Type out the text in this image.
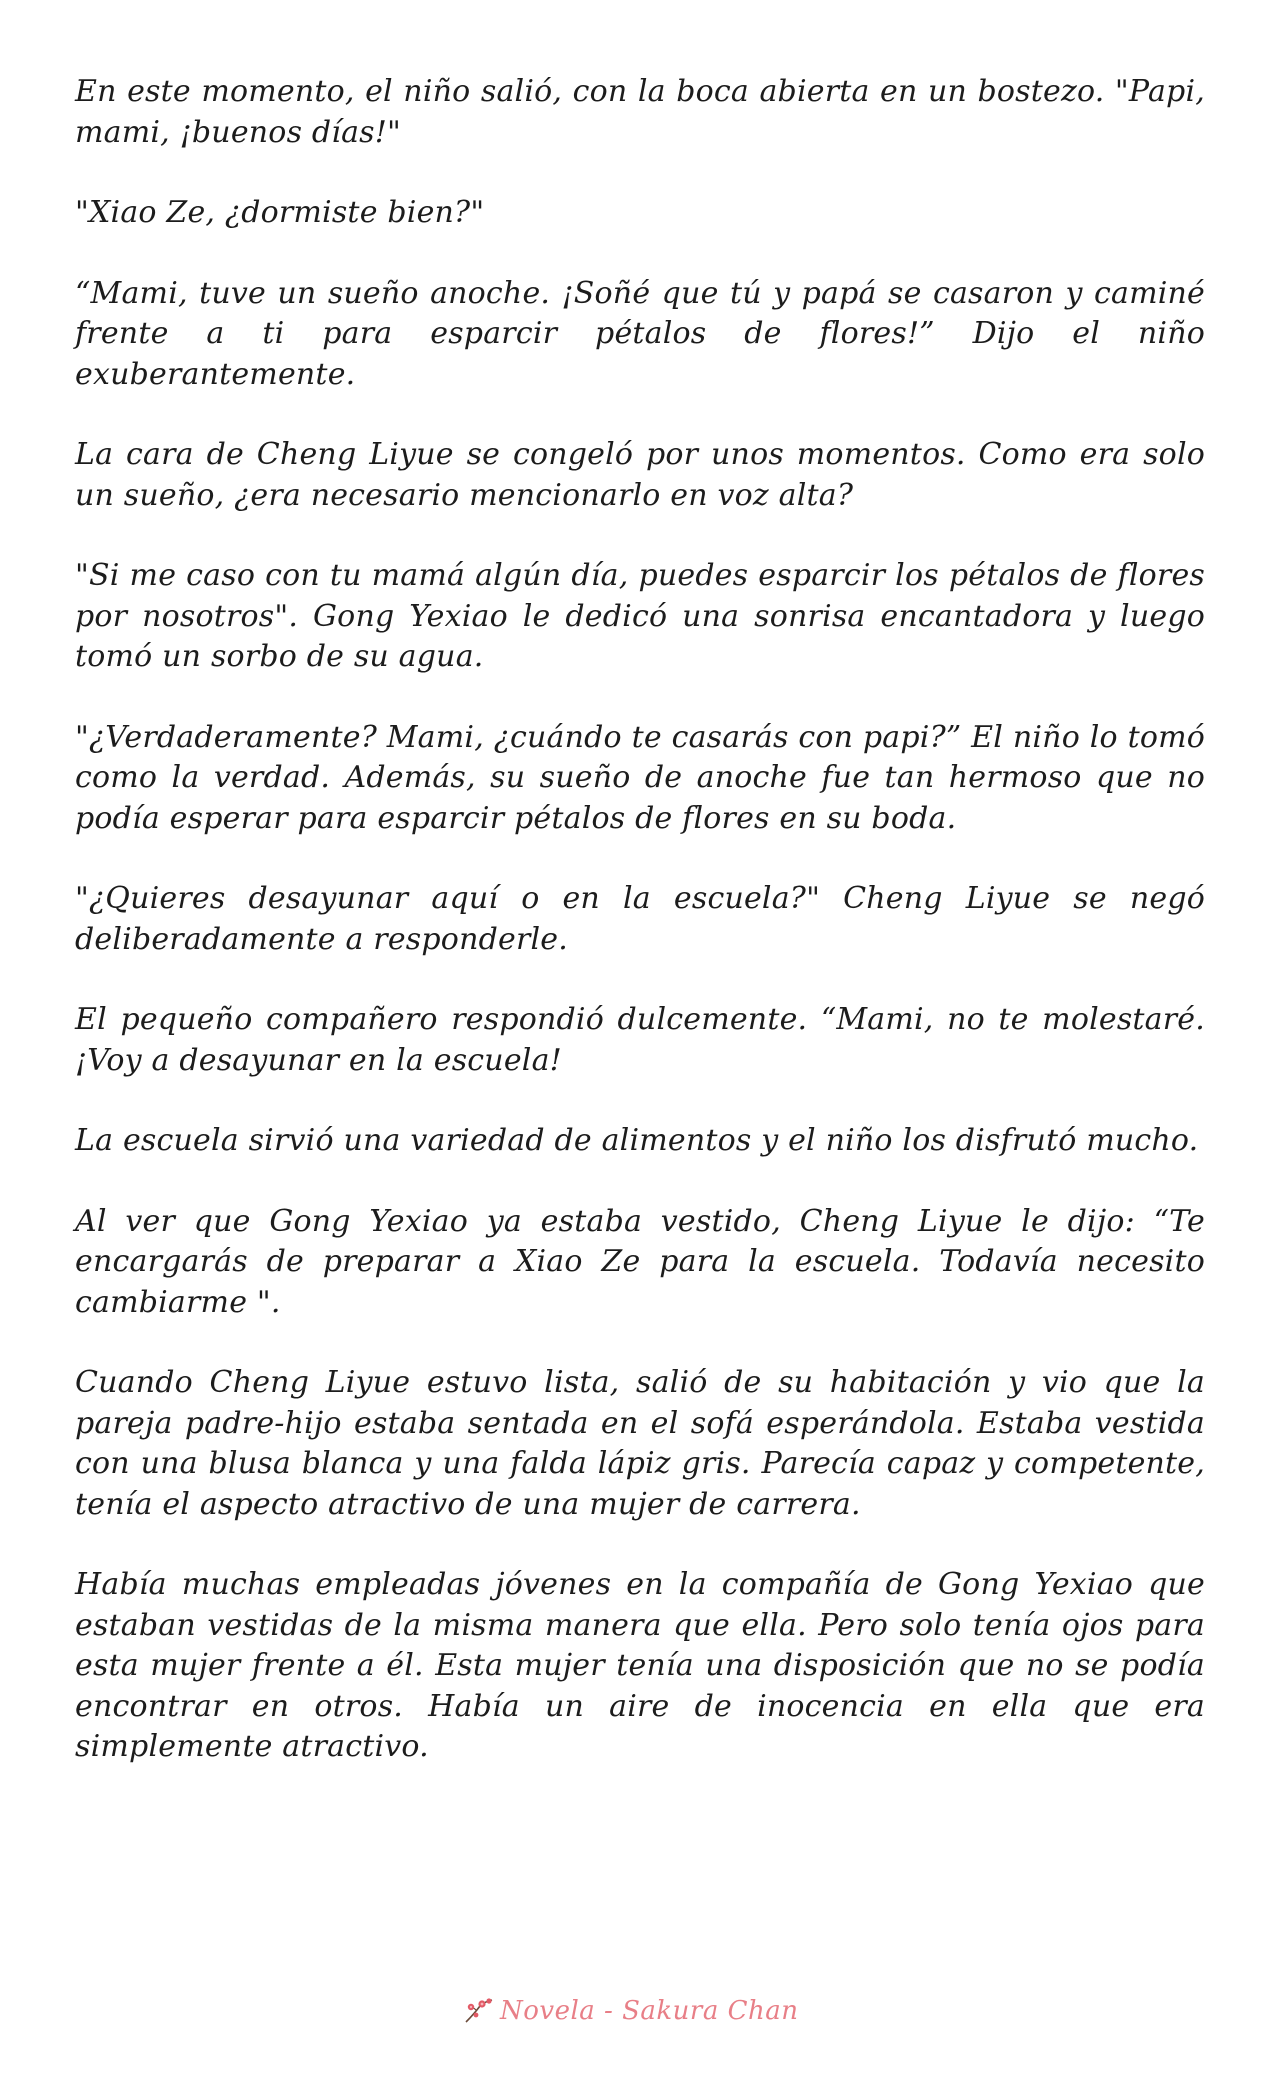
En este momento, el niño salió, con la boca abierta en un bostezo. "Papi, mami, ¡buenos días!"

"Xiao Ze, ¿dormiste bien?"

“Mami, tuve un sueño anoche. ¡Soñé que tú y papá se casaron y caminé frente a ti para esparcir pétalos de flores!” Dijo el niño exuberantemente.

La cara de Cheng Liyue se congeló por unos momentos. Como era solo un sueño, ¿era necesario mencionarlo en voz alta?

"Si me caso con tu mamá algún día, puedes esparcir los pétalos de flores por nosotros". Gong Yexiao le dedicó una sonrisa encantadora y luego tomó un sorbo de su agua.

"¿Verdaderamente? Mami, ¿cuándo te casarás con papi?” El niño lo tomó como la verdad. Además, su sueño de anoche fue tan hermoso que no podía esperar para esparcir pétalos de flores en su boda.

"¿Quieres desayunar aquí o en la escuela?" Cheng Liyue se negó deliberadamente a responderle.

El pequeño compañero respondió dulcemente. “Mami, no te molestaré. ¡Voy a desayunar en la escuela!

La escuela sirvió una variedad de alimentos y el niño los disfrutó mucho.

Al ver que Gong Yexiao ya estaba vestido, Cheng Liyue le dijo: “Te encargarás de preparar a Xiao Ze para la escuela. Todavía necesito cambiarme ".

Cuando Cheng Liyue estuvo lista, salió de su habitación y vio que la pareja padre-hijo estaba sentada en el sofá esperándola. Estaba vestida con una blusa blanca y una falda lápiz gris. Parecía capaz y competente, tenía el aspecto atractivo de una mujer de carrera.

Había muchas empleadas jóvenes en la compañía de Gong Yexiao que estaban vestidas de la misma manera que ella. Pero solo tenía ojos para esta mujer frente a él. Esta mujer tenía una disposición que no se podía encontrar en otros. Había un aire de inocencia en ella que era simplemente atractivo.

Novela - Sakura Chan
